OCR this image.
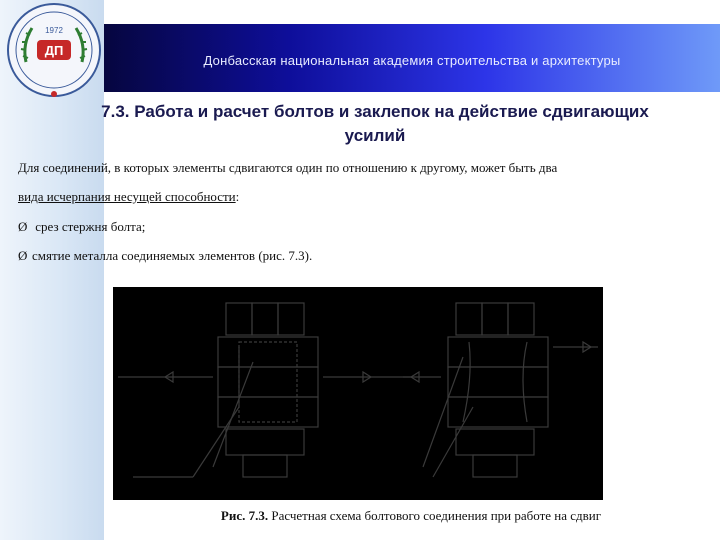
ДП
1972
Донбасская национальная академия строительства и архитектуры
7.3. Работа и расчет болтов и заклепок на действие сдвигающих
усилий
Для соединений, в которых элементы сдвигаются один по отношению к другому, может быть два
вида исчерпания несущей способности:
Ø срез стержня болта;
Ø смятие металла соединяемых элементов (рис. 7.3).
Рис. 7.3. Расчетная схема болтового соединения при работе на сдвиг
